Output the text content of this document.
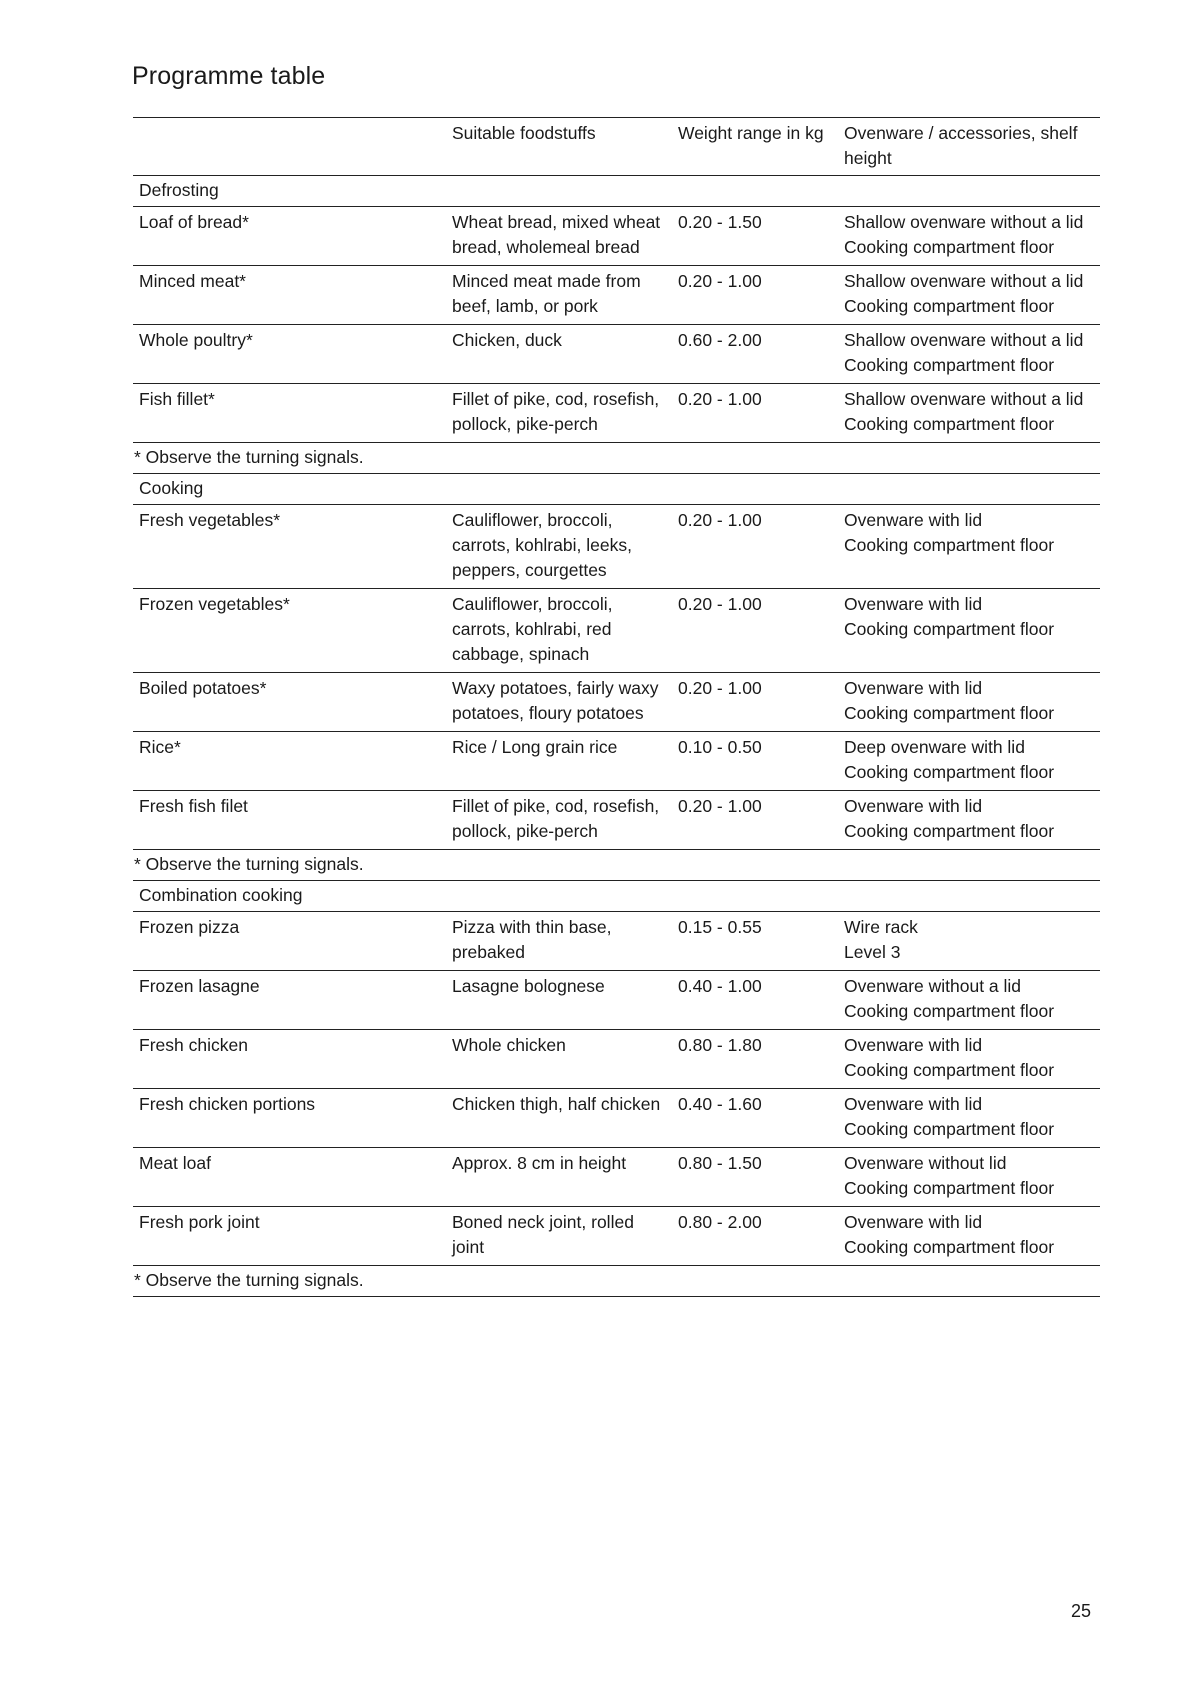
Programme table
	Suitable foodstuffs	Weight range in kg	Ovenware / accessories, shelf height
Defrosting			
Loaf of bread*	Wheat bread, mixed wheat bread, wholemeal bread	0.20 - 1.50	Shallow ovenware without a lid
Cooking compartment floor

Minced meat*	Minced meat made from beef, lamb, or pork	0.20 - 1.00	Shallow ovenware without a lid
Cooking compartment floor

Whole poultry*	Chicken, duck	0.60 - 2.00	Shallow ovenware without a lid
Cooking compartment floor

Fish fillet*	Fillet of pike, cod, rosefish, pollock, pike-perch	0.20 - 1.00	Shallow ovenware without a lid
Cooking compartment floor

* Observe the turning signals.			
Cooking			
Fresh vegetables*	Cauliflower, broccoli, carrots, kohlrabi, leeks, peppers, courgettes	0.20 - 1.00	Ovenware with lid
Cooking compartment floor

Frozen vegetables*	Cauliflower, broccoli, carrots, kohlrabi, red cabbage, spinach	0.20 - 1.00	Ovenware with lid
Cooking compartment floor

Boiled potatoes*	Waxy potatoes, fairly waxy potatoes, floury potatoes	0.20 - 1.00	Ovenware with lid
Cooking compartment floor

Rice*	Rice / Long grain rice	0.10 - 0.50	Deep ovenware with lid
Cooking compartment floor

Fresh fish filet	Fillet of pike, cod, rosefish, pollock, pike-perch	0.20 - 1.00	Ovenware with lid
Cooking compartment floor

* Observe the turning signals.			
Combination cooking			
Frozen pizza	Pizza with thin base, prebaked	0.15 - 0.55	Wire rack
Level 3

Frozen lasagne	Lasagne bolognese	0.40 - 1.00	Ovenware without a lid
Cooking compartment floor

Fresh chicken	Whole chicken	0.80 - 1.80	Ovenware with lid
Cooking compartment floor

Fresh chicken portions	Chicken thigh, half chicken	0.40 - 1.60	Ovenware with lid
Cooking compartment floor

Meat loaf	Approx. 8 cm in height	0.80 - 1.50	Ovenware without lid
Cooking compartment floor

Fresh pork joint	Boned neck joint, rolled joint	0.80 - 2.00	Ovenware with lid
Cooking compartment floor

* Observe the turning signals.			
25
